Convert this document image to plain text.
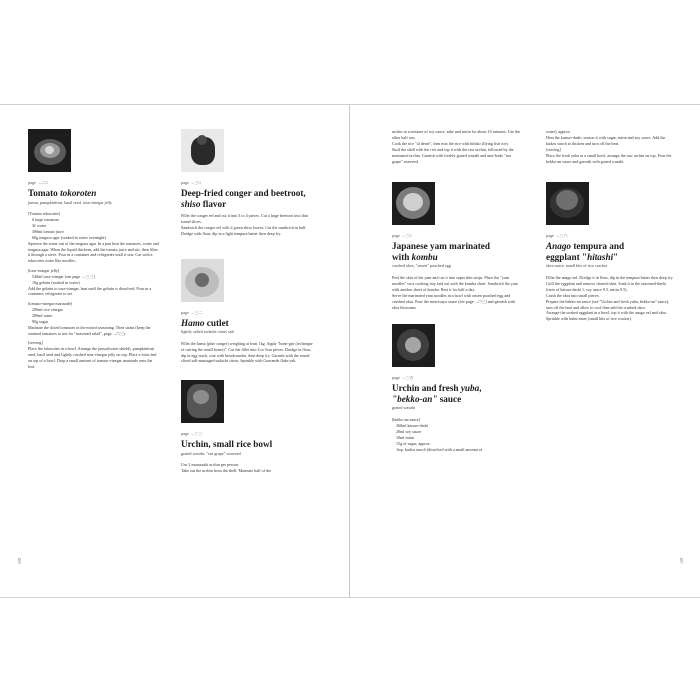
186	187
page →ニ□
Tomato tokoroten
junsai, pumpkinfruit, basil seed, tosa-vinegar jelly

[Tomato tokoroten]

6 large tomatoes

3ℓ water

300ml tomato juice

60g tengusa agar (soaked in water overnight)

Squeeze the water out of the tengusa agar. In a pan heat the tomatoes, water and tengusa agar. When the liquid thickens, add the tomato juice and stir, then filter it through a sieve. Pour in a container and refrigerate until it sets. Cut with a tokoroten cutter like noodles.

[tosa-vinegar jelly]

540ml tosa-vinegar (see page →三三)

10g gelatin (soaked in water)

Add the gelatin to tosa-vinegar, heat until the gelatin is dissolved. Pour in a container, refrigerate to set.

[tomato-vinegar marinade]

200ml rice vinegar

200ml water

90g sugar

Marinate the sliced tomatoes in the mixed seasoning. Then strain (keep the strained tomatoes to use for "seasoned salad", page →□三).

[serving]

Place the tokoroten in a bowl. Arrange the junsai(water shield), pumpkinfruit seed, basil seed and lightly crushed tosa-vinegar jelly on top. Place a lotus leaf on top of a bowl. Drop a small amount of tomato-vinegar marinade onto the leaf.

page →三□
Deep-fried conger and beetroot,
shiso flavor

Fillet the conger eel and cut it into 3 to 4 pieces. Cut a large beetroot into thin round slices.

Sandwich the conger eel with 2 green shiso leaves. Cut the sandwich in half. Dredge with flour, dip in a light tempura batter then deep fry.

page →三二
Hamo cutlet
lightly salted sudachi citrus salt

Fillet the hamo (pike conger) weighing at least 1kg. Apply "hone-giri (technique of cutting the small bones)". Cut the fillet into 4 to 5cm pieces. Dredge in flour, dip in egg wash, coat with breadcrumbs, then deep fry. Garnish with the round sliced salt-massaged sudachi citrus. Sprinkle with Guerande flake salt.

page →三三
Urchin, small rice bowl
grated wasabi, "sea grape" seaweed

Use 2 muraszaki urchin per person.

Take out the urchin from the shell. Marinate half of the

urchin in a mixture of soy sauce, sake and mirin for about 10 minutes. Use the other half raw.

Cook the rice "al dente", then mix the rice with hibiko (flying fish roe).

Stuff the shell with the rice and top it with the raw urchin, followed by the marinated urchin. Garnish with freshly grated wasabi and umi-budo "sea grape" seaweed.

page →三□
Japanese yam marinated
with kombu
crushed okra, "onsen" poached egg

Peel the skin of the yam and cut it into super thin strips. Place the "yam noodles" on a cooking tray laid out with the kombu sheet. Sandwich the yam with another sheet of kombu. Rest it for half a day.

Serve the marinated yam noodles in a bowl with onsen poached egg and crushed okra. Pour the men-tsuyu sauce (see page →□三) and garnish with okra blossoms.

page →三五
Urchin and fresh yuba,
"bekko-an" sauce
grated wasabi

[bekko-an sauce]

360ml katsuo-dashi

20ml soy sauce

10ml mirin

15g of sugar, approx.

1tsp. kudzu starch (dissolved with a small amount of

water), approx.

Heat the katsuo-dashi, season it with sugar, mirin and soy sauce. Add the kudzu starch to thicken and turn off the heat.

[serving]

Place the fresh yuba in a small bowl, arrange the raw urchin on top. Pour the bekko-an sauce and garnish with grated wasabi.

page →三六
Anago tempura and
eggplant "hitashi"
okra sauce, small bits of rice cracker

Fillet the anago eel. Dredge it in flour, dip in the tempura batter then deep fry.

Grill the eggplant and remove charred skin. Soak it in the seasoned-dashi (ratio of katsuo-dashi 1, soy sauce 0.5, mirin 0.5).

Crush the okra into small pieces.

Prepare the bekko-an sauce (see "Urchin and fresh yuba, bekko-an" sauce), turn off the heat and allow to cool then add the crushed okra.

Arrange the soaked eggplant in a bowl, top it with the anago eel and okra. Sprinkle with bubu-arare (small bits of rice cracker).
